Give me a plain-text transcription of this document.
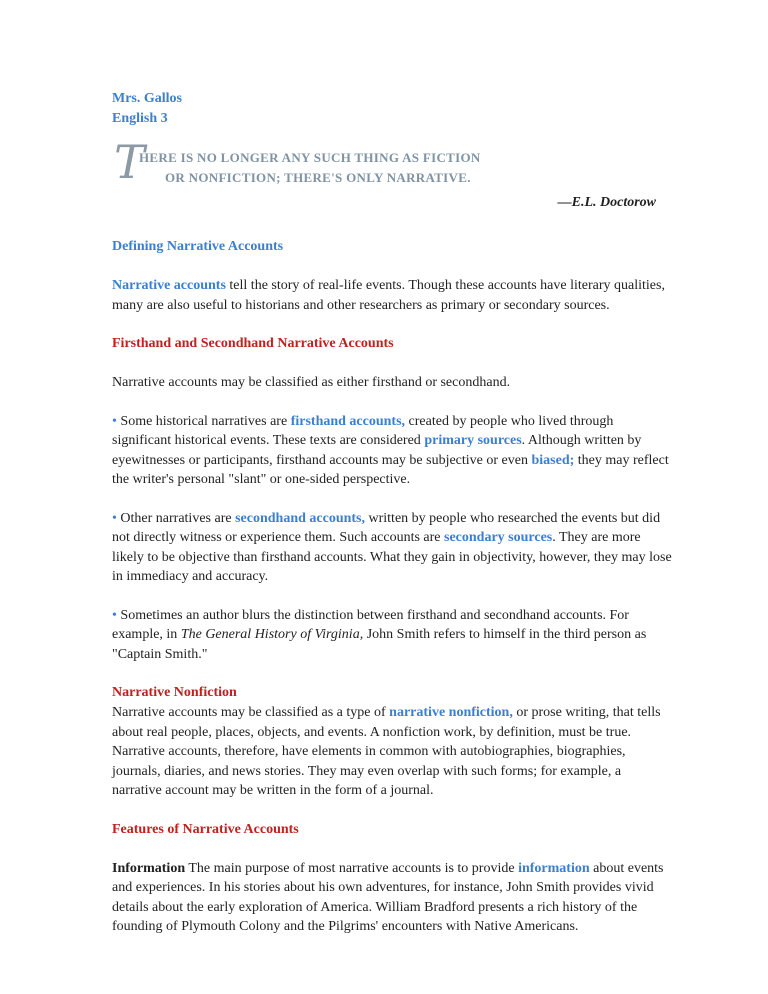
Mrs. Gallos

English 3

T
HERE IS NO LONGER ANY SUCH THING AS FICTION
OR NONFICTION; THERE'S ONLY NARRATIVE.
—E.L. Doctorow
Defining Narrative Accounts

Narrative accounts tell the story of real-life events. Though these accounts have literary qualities, many are also useful to historians and other researchers as primary or secondary sources.

Firsthand and Secondhand Narrative Accounts

Narrative accounts may be classified as either firsthand or secondhand.

• Some historical narratives are firsthand accounts, created by people who lived through significant historical events. These texts are considered primary sources. Although written by eyewitnesses or participants, firsthand accounts may be subjective or even biased; they may reflect the writer's personal "slant" or one-sided perspective.

• Other narratives are secondhand accounts, written by people who researched the events but did not directly witness or experience them. Such accounts are secondary sources. They are more likely to be objective than firsthand accounts. What they gain in objectivity, however, they may lose in immediacy and accuracy.

• Sometimes an author blurs the distinction between firsthand and secondhand accounts. For example, in The General History of Virginia, John Smith refers to himself in the third person as "Captain Smith."

Narrative Nonfiction

Narrative accounts may be classified as a type of narrative nonfiction, or prose writing, that tells about real people, places, objects, and events. A nonfiction work, by definition, must be true. Narrative accounts, therefore, have elements in common with autobiographies, biographies, journals, diaries, and news stories. They may even overlap with such forms; for example, a narrative account may be written in the form of a journal.

Features of Narrative Accounts

Information The main purpose of most narrative accounts is to provide information about events and experiences. In his stories about his own adventures, for instance, John Smith provides vivid details about the early exploration of America. William Bradford presents a rich history of the founding of Plymouth Colony and the Pilgrims' encounters with Native Americans.
